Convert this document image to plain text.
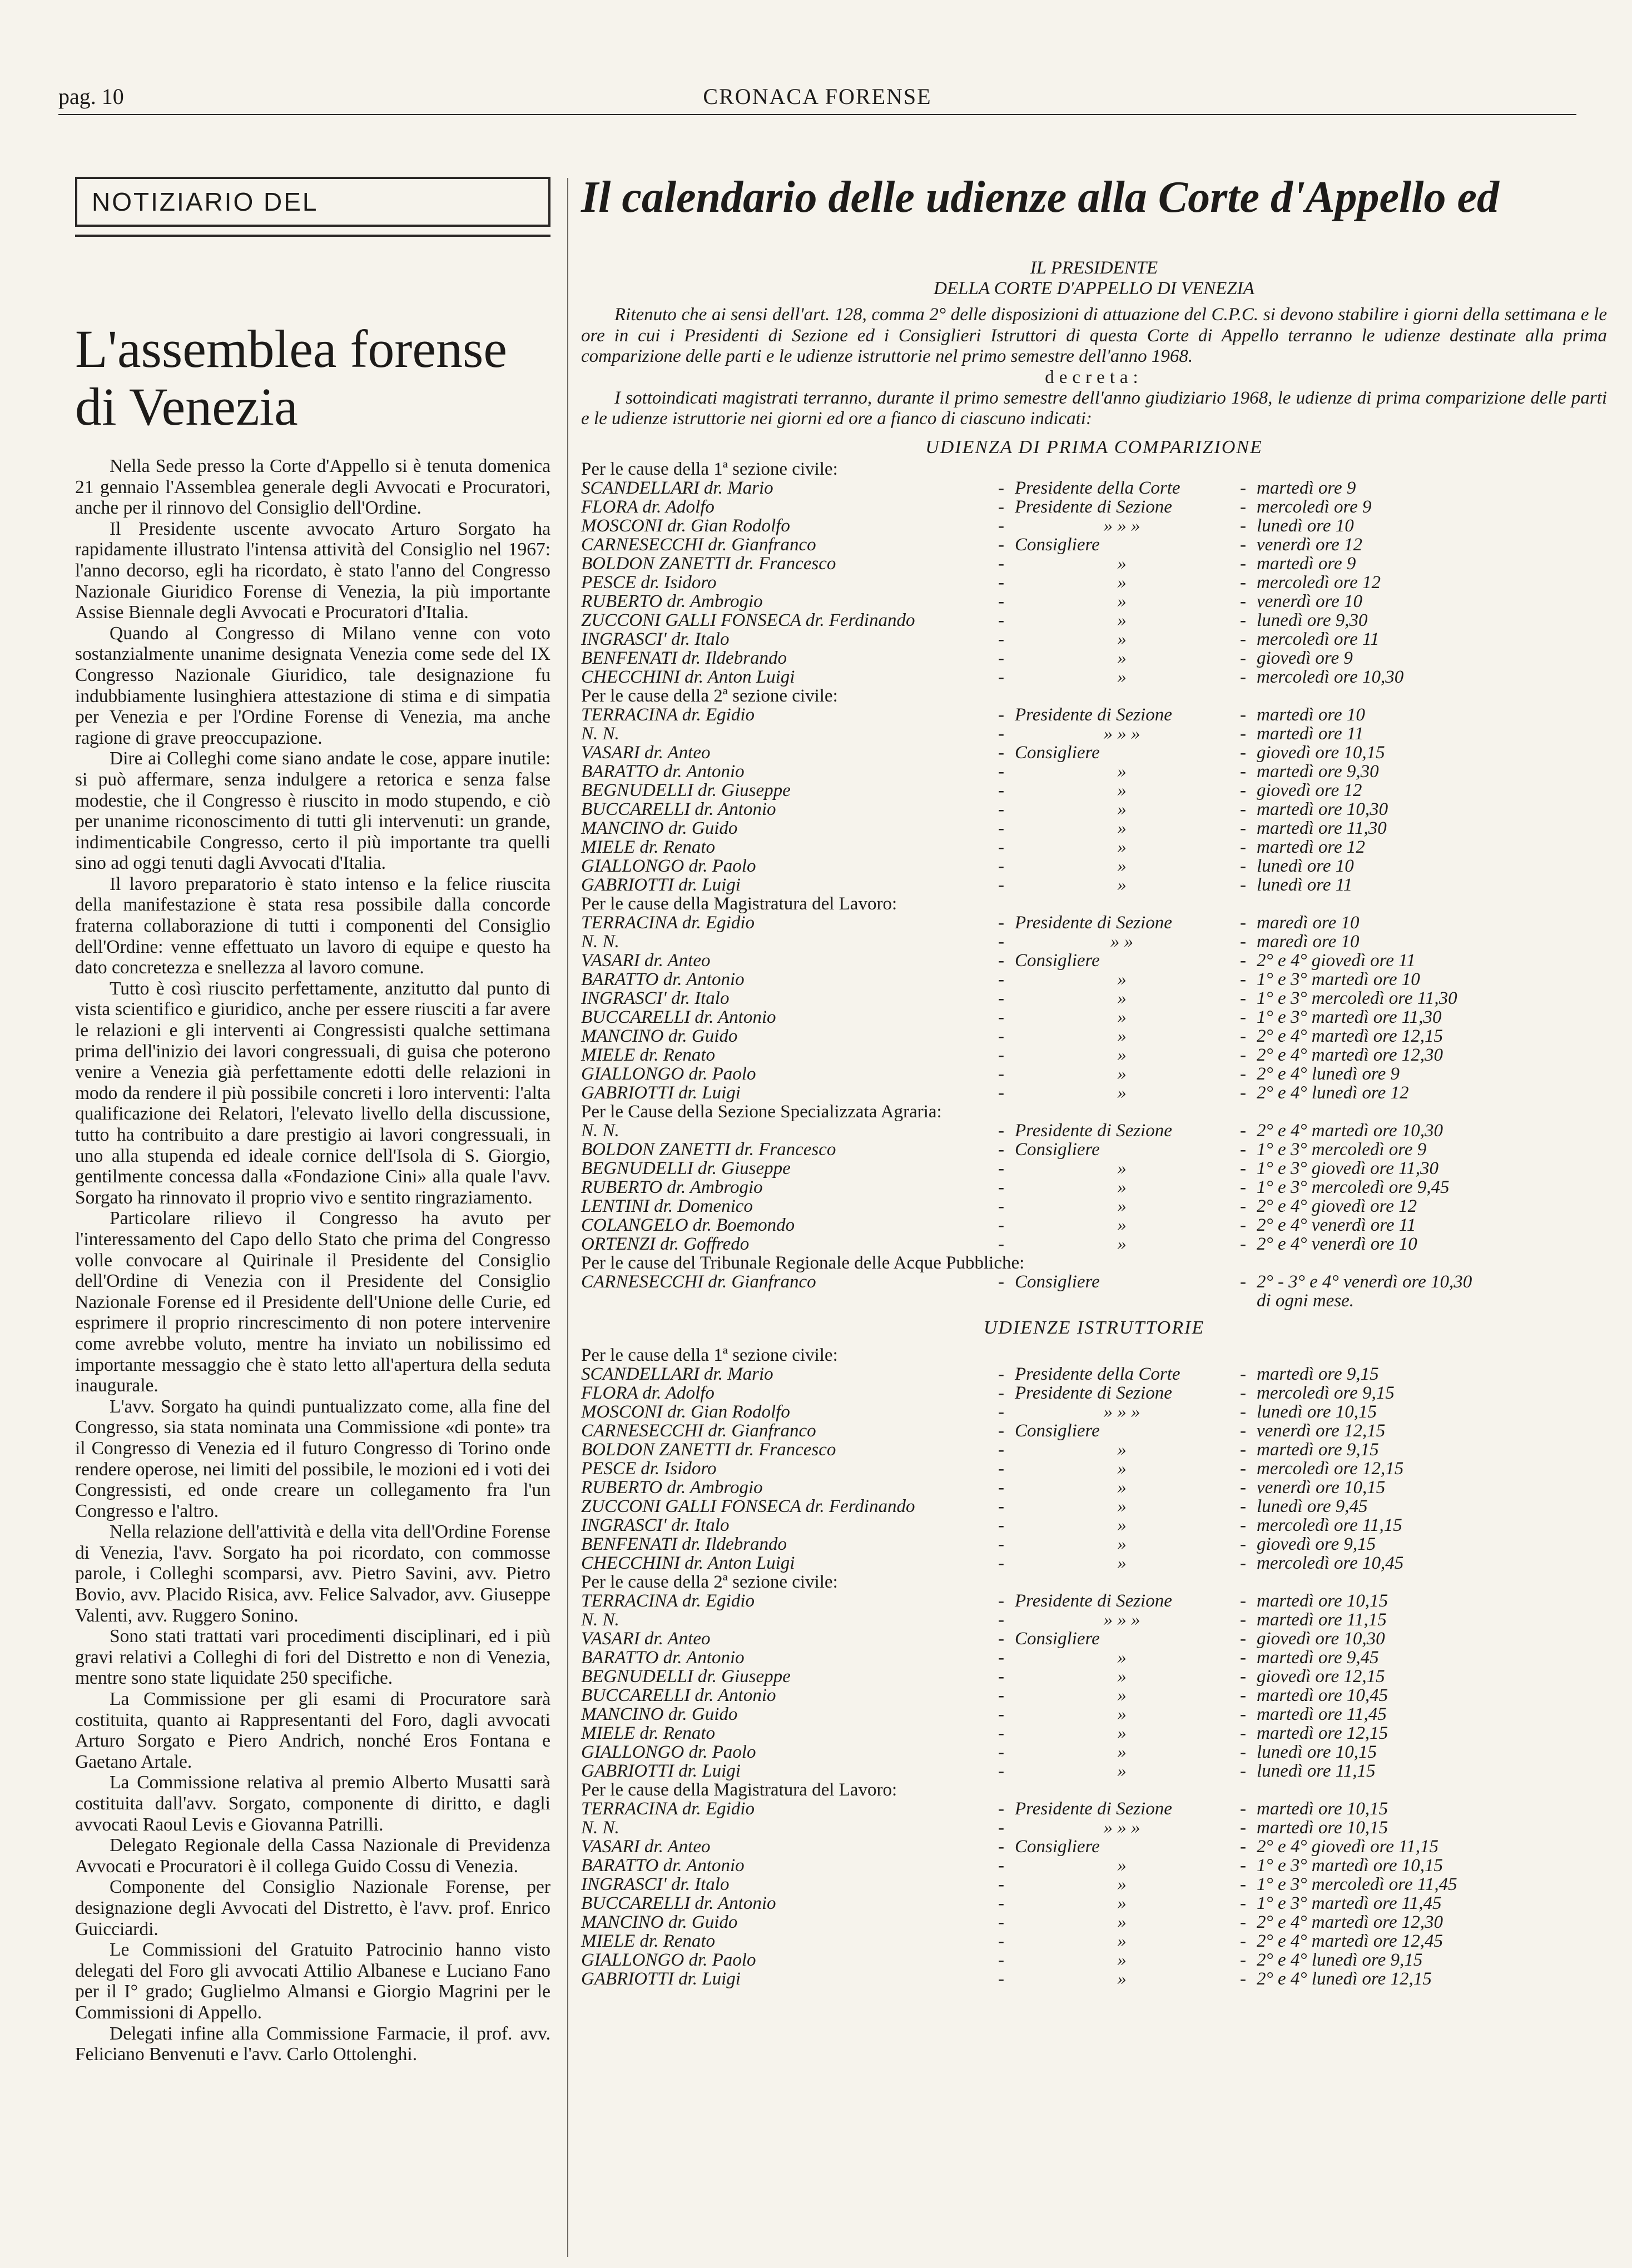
pag. 10	CRONACA FORENSE

NOTIZIARIO DEL
L'assemblea forense
di Venezia

Nella Sede presso la Corte d'Appello si è tenuta domenica 21 gennaio l'Assemblea generale degli Avvocati e Procuratori, anche per il rinnovo del Consiglio dell'Ordine.

Il Presidente uscente avvocato Arturo Sorgato ha rapidamente illustrato l'intensa attività del Consiglio nel 1967: l'anno decorso, egli ha ricordato, è stato l'anno del Congresso Nazionale Giuridico Forense di Venezia, la più importante Assise Biennale degli Avvocati e Procuratori d'Italia.

Quando al Congresso di Milano venne con voto sostanzialmente unanime designata Venezia come sede del IX Congresso Nazionale Giuridico, tale designazione fu indubbiamente lusinghiera attestazione di stima e di simpatia per Venezia e per l'Ordine Forense di Venezia, ma anche ragione di grave preoccupazione.

Dire ai Colleghi come siano andate le cose, appare inutile: si può affermare, senza indulgere a retorica e senza false modestie, che il Congresso è riuscito in modo stupendo, e ciò per unanime riconoscimento di tutti gli intervenuti: un grande, indimenticabile Congresso, certo il più importante tra quelli sino ad oggi tenuti dagli Avvocati d'Italia.

Il lavoro preparatorio è stato intenso e la felice riuscita della manifestazione è stata resa possibile dalla concorde fraterna collaborazione di tutti i componenti del Consiglio dell'Ordine: venne effettuato un lavoro di equipe e questo ha dato concretezza e snellezza al lavoro comune.

Tutto è così riuscito perfettamente, anzitutto dal punto di vista scientifico e giuridico, anche per essere riusciti a far avere le relazioni e gli interventi ai Congressisti qualche settimana prima dell'inizio dei lavori congressuali, di guisa che poterono venire a Venezia già perfettamente edotti delle relazioni in modo da rendere il più possibile concreti i loro interventi: l'alta qualificazione dei Relatori, l'elevato livello della discussione, tutto ha contribuito a dare prestigio ai lavori congressuali, in uno alla stupenda ed ideale cornice dell'Isola di S. Giorgio, gentilmente concessa dalla «Fondazione Cini» alla quale l'avv. Sorgato ha rinnovato il proprio vivo e sentito ringraziamento.

Particolare rilievo il Congresso ha avuto per l'interessamento del Capo dello Stato che prima del Congresso volle convocare al Quirinale il Presidente del Consiglio dell'Ordine di Venezia con il Presidente del Consiglio Nazionale Forense ed il Presidente dell'Unione delle Curie, ed esprimere il proprio rincrescimento di non potere intervenire come avrebbe voluto, mentre ha inviato un nobilissimo ed importante messaggio che è stato letto all'apertura della seduta inaugurale.

L'avv. Sorgato ha quindi puntualizzato come, alla fine del Congresso, sia stata nominata una Commissione «di ponte» tra il Congresso di Venezia ed il futuro Congresso di Torino onde rendere operose, nei limiti del possibile, le mozioni ed i voti dei Congressisti, ed onde creare un collegamento fra l'un Congresso e l'altro.

Nella relazione dell'attività e della vita dell'Ordine Forense di Venezia, l'avv. Sorgato ha poi ricordato, con commosse parole, i Colleghi scomparsi, avv. Pietro Savini, avv. Pietro Bovio, avv. Placido Risica, avv. Felice Salvador, avv. Giuseppe Valenti, avv. Ruggero Sonino.

Sono stati trattati vari procedimenti disciplinari, ed i più gravi relativi a Colleghi di fori del Distretto e non di Venezia, mentre sono state liquidate 250 specifiche.

La Commissione per gli esami di Procuratore sarà costituita, quanto ai Rappresentanti del Foro, dagli avvocati Arturo Sorgato e Piero Andrich, nonché Eros Fontana e Gaetano Artale.

La Commissione relativa al premio Alberto Musatti sarà costituita dall'avv. Sorgato, componente di diritto, e dagli avvocati Raoul Levis e Giovanna Patrilli.

Delegato Regionale della Cassa Nazionale di Previdenza Avvocati e Procuratori è il collega Guido Cossu di Venezia.

Componente del Consiglio Nazionale Forense, per designazione degli Avvocati del Distretto, è l'avv. prof. Enrico Guicciardi.

Le Commissioni del Gratuito Patrocinio hanno visto delegati del Foro gli avvocati Attilio Albanese e Luciano Fano per il I° grado; Guglielmo Almansi e Giorgio Magrini per le Commissioni di Appello.

Delegati infine alla Commissione Farmacie, il prof. avv. Feliciano Benvenuti e l'avv. Carlo Ottolenghi.

Il calendario delle udienze alla Corte d'Appello ed
IL PRESIDENTE
DELLA CORTE D'APPELLO DI VENEZIA
Ritenuto che ai sensi dell'art. 128, comma 2° delle disposizioni di attuazione del C.P.C. si devono stabilire i giorni della settimana e le ore in cui i Presidenti di Sezione ed i Consiglieri Istruttori di questa Corte di Appello terranno le udienze destinate alla prima comparizione delle parti e le udienze istruttorie nel primo semestre dell'anno 1968.
decreta:
I sottoindicati magistrati terranno, durante il primo semestre dell'anno giudiziario 1968, le udienze di prima comparizione delle parti e le udienze istruttorie nei giorni ed ore a fianco di ciascuno indicati:
UDIENZA DI PRIMA COMPARIZIONE
Per le cause della 1ª sezione civile:
SCANDELLARI dr. Mario	- Presidente della Corte	- martedì ore 9
FLORA dr. Adolfo	- Presidente di Sezione	- mercoledì ore 9
MOSCONI dr. Gian Rodolfo	-	» » »	- lunedì ore 10
CARNESECCHI dr. Gianfranco	- Consigliere	- venerdì ore 12
BOLDON ZANETTI dr. Francesco	-	»	- martedì ore 9
PESCE dr. Isidoro	-	»	- mercoledì ore 12
RUBERTO dr. Ambrogio	-	»	- venerdì ore 10
ZUCCONI GALLI FONSECA dr. Ferdinando	-	»	- lunedì ore 9,30
INGRASCI' dr. Italo	-	»	- mercoledì ore 11
BENFENATI dr. Ildebrando	-	»	- giovedì ore 9
CHECCHINI dr. Anton Luigi	-	»	- mercoledì ore 10,30
Per le cause della 2ª sezione civile:
TERRACINA dr. Egidio	- Presidente di Sezione	- martedì ore 10
N. N.	-	» » »	- martedì ore 11
VASARI dr. Anteo	- Consigliere	- giovedì ore 10,15
BARATTO dr. Antonio	-	»	- martedì ore 9,30
BEGNUDELLI dr. Giuseppe	-	»	- giovedì ore 12
BUCCARELLI dr. Antonio	-	»	- martedì ore 10,30
MANCINO dr. Guido	-	»	- martedì ore 11,30
MIELE dr. Renato	-	»	- martedì ore 12
GIALLONGO dr. Paolo	-	»	- lunedì ore 10
GABRIOTTI dr. Luigi	-	»	- lunedì ore 11
Per le cause della Magistratura del Lavoro:
TERRACINA dr. Egidio	- Presidente di Sezione	- maredì ore 10
N. N.	-	» »	- maredì ore 10
VASARI dr. Anteo	- Consigliere	- 2° e 4° giovedì ore 11
BARATTO dr. Antonio	-	»	- 1° e 3° martedì ore 10
INGRASCI' dr. Italo	-	»	- 1° e 3° mercoledì ore 11,30
BUCCARELLI dr. Antonio	-	»	- 1° e 3° martedì ore 11,30
MANCINO dr. Guido	-	»	- 2° e 4° martedì ore 12,15
MIELE dr. Renato	-	»	- 2° e 4° martedì ore 12,30
GIALLONGO dr. Paolo	-	»	- 2° e 4° lunedì ore 9
GABRIOTTI dr. Luigi	-	»	- 2° e 4° lunedì ore 12
Per le Cause della Sezione Specializzata Agraria:
N. N.	- Presidente di Sezione	- 2° e 4° martedì ore 10,30
BOLDON ZANETTI dr. Francesco	- Consigliere	- 1° e 3° mercoledì ore 9
BEGNUDELLI dr. Giuseppe	-	»	- 1° e 3° giovedì ore 11,30
RUBERTO dr. Ambrogio	-	»	- 1° e 3° mercoledì ore 9,45
LENTINI dr. Domenico	-	»	- 2° e 4° giovedì ore 12
COLANGELO dr. Boemondo	-	»	- 2° e 4° venerdì ore 11
ORTENZI dr. Goffredo	-	»	- 2° e 4° venerdì ore 10
Per le cause del Tribunale Regionale delle Acque Pubbliche:
CARNESECCHI dr. Gianfranco	- Consigliere	- 2° - 3° e 4° venerdì ore 10,30
di ogni mese.
UDIENZE ISTRUTTORIE
Per le cause della 1ª sezione civile:
SCANDELLARI dr. Mario	- Presidente della Corte	- martedì ore 9,15
FLORA dr. Adolfo	- Presidente di Sezione	- mercoledì ore 9,15
MOSCONI dr. Gian Rodolfo	-	» » »	- lunedì ore 10,15
CARNESECCHI dr. Gianfranco	- Consigliere	- venerdì ore 12,15
BOLDON ZANETTI dr. Francesco	-	»	- martedì ore 9,15
PESCE dr. Isidoro	-	»	- mercoledì ore 12,15
RUBERTO dr. Ambrogio	-	»	- venerdì ore 10,15
ZUCCONI GALLI FONSECA dr. Ferdinando	-	»	- lunedì ore 9,45
INGRASCI' dr. Italo	-	»	- mercoledì ore 11,15
BENFENATI dr. Ildebrando	-	»	- giovedì ore 9,15
CHECCHINI dr. Anton Luigi	-	»	- mercoledì ore 10,45
Per le cause della 2ª sezione civile:
TERRACINA dr. Egidio	- Presidente di Sezione	- martedì ore 10,15
N. N.	-	» » »	- martedì ore 11,15
VASARI dr. Anteo	- Consigliere	- giovedì ore 10,30
BARATTO dr. Antonio	-	»	- martedì ore 9,45
BEGNUDELLI dr. Giuseppe	-	»	- giovedì ore 12,15
BUCCARELLI dr. Antonio	-	»	- martedì ore 10,45
MANCINO dr. Guido	-	»	- martedì ore 11,45
MIELE dr. Renato	-	»	- martedì ore 12,15
GIALLONGO dr. Paolo	-	»	- lunedì ore 10,15
GABRIOTTI dr. Luigi	-	»	- lunedì ore 11,15
Per le cause della Magistratura del Lavoro:
TERRACINA dr. Egidio	- Presidente di Sezione	- martedì ore 10,15
N. N.	-	» » »	- martedì ore 10,15
VASARI dr. Anteo	- Consigliere	- 2° e 4° giovedì ore 11,15
BARATTO dr. Antonio	-	»	- 1° e 3° martedì ore 10,15
INGRASCI' dr. Italo	-	»	- 1° e 3° mercoledì ore 11,45
BUCCARELLI dr. Antonio	-	»	- 1° e 3° martedì ore 11,45
MANCINO dr. Guido	-	»	- 2° e 4° martedì ore 12,30
MIELE dr. Renato	-	»	- 2° e 4° martedì ore 12,45
GIALLONGO dr. Paolo	-	»	- 2° e 4° lunedì ore 9,15
GABRIOTTI dr. Luigi	-	»	- 2° e 4° lunedì ore 12,15
